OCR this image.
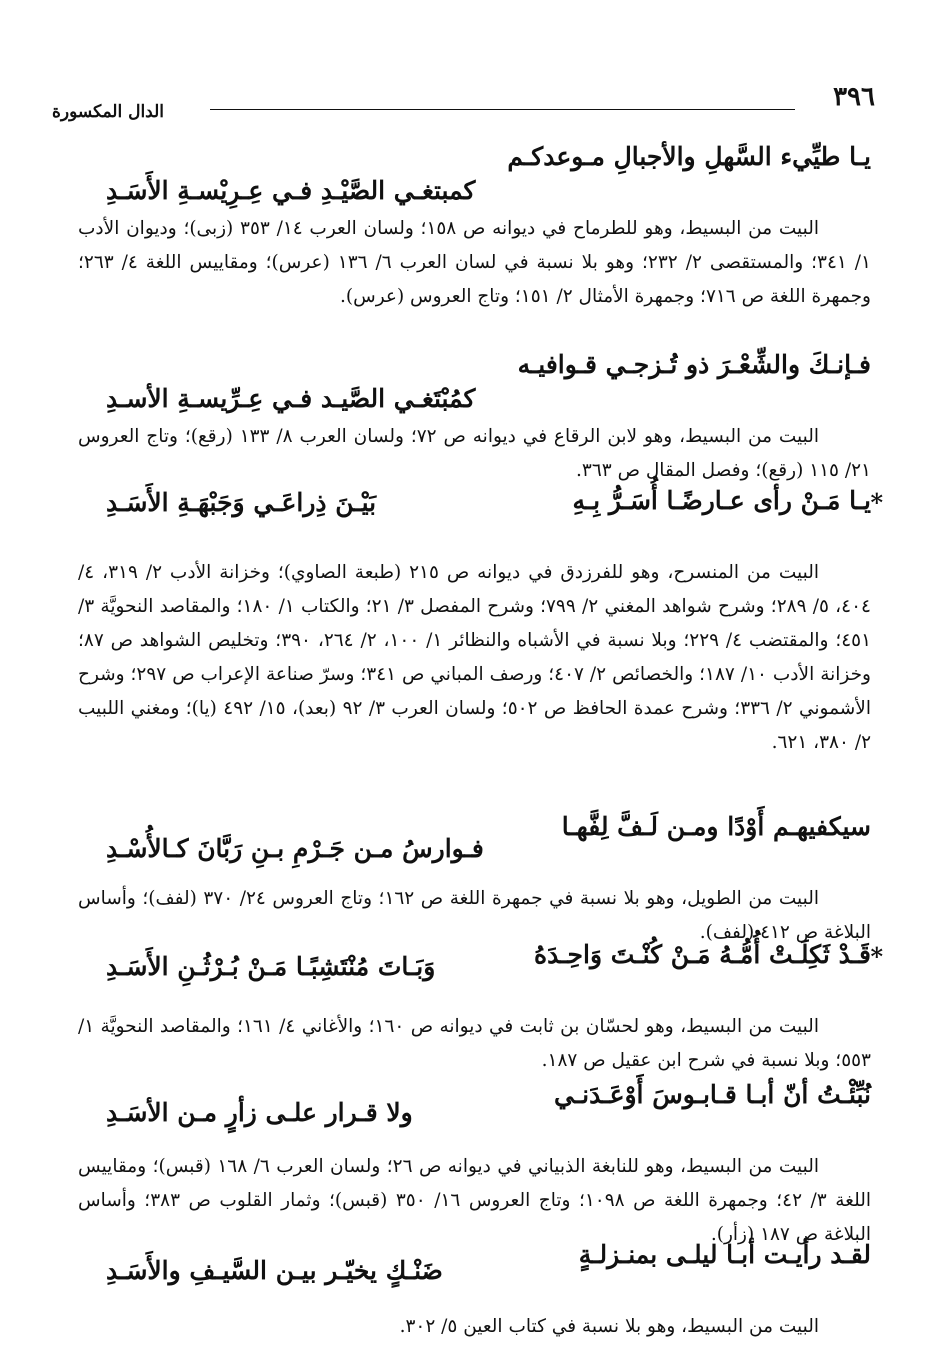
٣٩٦
الدال المكسورة
يـا طيِّيء السَّهلِ والأجبالِ مـوعدكـم
كمبتغـي الصَّيْـدِ فـي عِـرِيْسـةِ الأَسَـدِ

البيت من البسيط، وهو للطرماح في ديوانه ص ١٥٨؛ ولسان العرب ١٤/ ٣٥٣ (زبى)؛ وديوان الأدب ١/ ٣٤١؛ والمستقصى ٢/ ٢٣٢؛ وهو بلا نسبة في لسان العرب ٦/ ١٣٦ (عرس)؛ ومقاييس اللغة ٤/ ٢٦٣؛ وجمهرة اللغة ص ٧١٦؛ وجمهرة الأمثال ٢/ ١٥١؛ وتاج العروس (عرس).

فـإنـكَ والشِّعْـرَ ذو تُـزجـي قـوافيـه
كمُبْتَغـي الصَّيـد فـي عِـرِّيسـةِ الأسـدِ

البيت من البسيط، وهو لابن الرقاع في ديوانه ص ٧٢؛ ولسان العرب ٨/ ١٣٣ (رقع)؛ وتاج العروس ٢١/ ١١٥ (رقع)؛ وفصل المقال ص ٣٦٣.

*
يـا مَـنْ رأى عـارضًـا أُسَـرُّ بِـهِ
بَيْـنَ ذِراعَـي وَجَبْهَـةِ الأَسَـدِ

البيت من المنسرح، وهو للفرزدق في ديوانه ص ٢١٥ (طبعة الصاوي)؛ وخزانة الأدب ٢/ ٣١٩، ٤/ ٤٠٤، ٥/ ٢٨٩؛ وشرح شواهد المغني ٢/ ٧٩٩؛ وشرح المفصل ٣/ ٢١؛ والكتاب ١/ ١٨٠؛ والمقاصد النحويَّة ٣/ ٤٥١؛ والمقتضب ٤/ ٢٢٩؛ وبلا نسبة في الأشباه والنظائر ١/ ١٠٠، ٢/ ٢٦٤، ٣٩٠؛ وتخليص الشواهد ص ٨٧؛ وخزانة الأدب ١٠/ ١٨٧؛ والخصائص ٢/ ٤٠٧؛ ورصف المباني ص ٣٤١؛ وسرّ صناعة الإعراب ص ٢٩٧؛ وشرح الأشموني ٢/ ٣٣٦؛ وشرح عمدة الحافظ ص ٥٠٢؛ ولسان العرب ٣/ ٩٢ (بعد)، ١٥/ ٤٩٢ (يا)؛ ومغني اللبيب ٢/ ٣٨٠، ٦٢١.

سيكفيهـم أَوْدًا ومـن لَـفَّ لِفَّهـا
فـوارسُ مـن جَـرْمِ بـنِ رَبَّانَ كـالأُسْـدِ

البيت من الطويل، وهو بلا نسبة في جمهرة اللغة ص ١٦٢؛ وتاج العروس ٢٤/ ٣٧٠ (لفف)؛ وأساس البلاغة ص ٤١٢ (لفف).

*
قَـدْ ثَكِلَـتْ أُمُّـهُ مَـنْ كُنْـتَ وَاحِـدَهُ
وَبَـاتَ مُنْتَشِبًـا مَـنْ بُـرْثُـنِ الأَسَـدِ

البيت من البسيط، وهو لحسّان بن ثابت في ديوانه ص ١٦٠؛ والأغاني ٤/ ١٦١؛ والمقاصد النحويَّة ١/ ٥٥٣؛ وبلا نسبة في شرح ابن عقيل ص ١٨٧.

نُبِّئْـتُ أنّ أبـا قـابـوسَ أَوْعَـدَنـي
ولا قـرار علـى زأرٍ مـن الأسَـدِ

البيت من البسيط، وهو للنابغة الذبياني في ديوانه ص ٢٦؛ ولسان العرب ٦/ ١٦٨ (قبس)؛ ومقاييس اللغة ٣/ ٤٢؛ وجمهرة اللغة ص ١٠٩٨؛ وتاج العروس ١٦/ ٣٥٠ (قبس)؛ وثمار القلوب ص ٣٨٣؛ وأساس البلاغة ص ١٨٧ (زأر).

لقـد رأيـت أبـا ليلـى بمنـزلـةٍ
ضَنْـكٍ يخيّـر بيـن السَّيـفِ والأَسَـدِ

البيت من البسيط، وهو بلا نسبة في كتاب العين ٥/ ٣٠٢.
